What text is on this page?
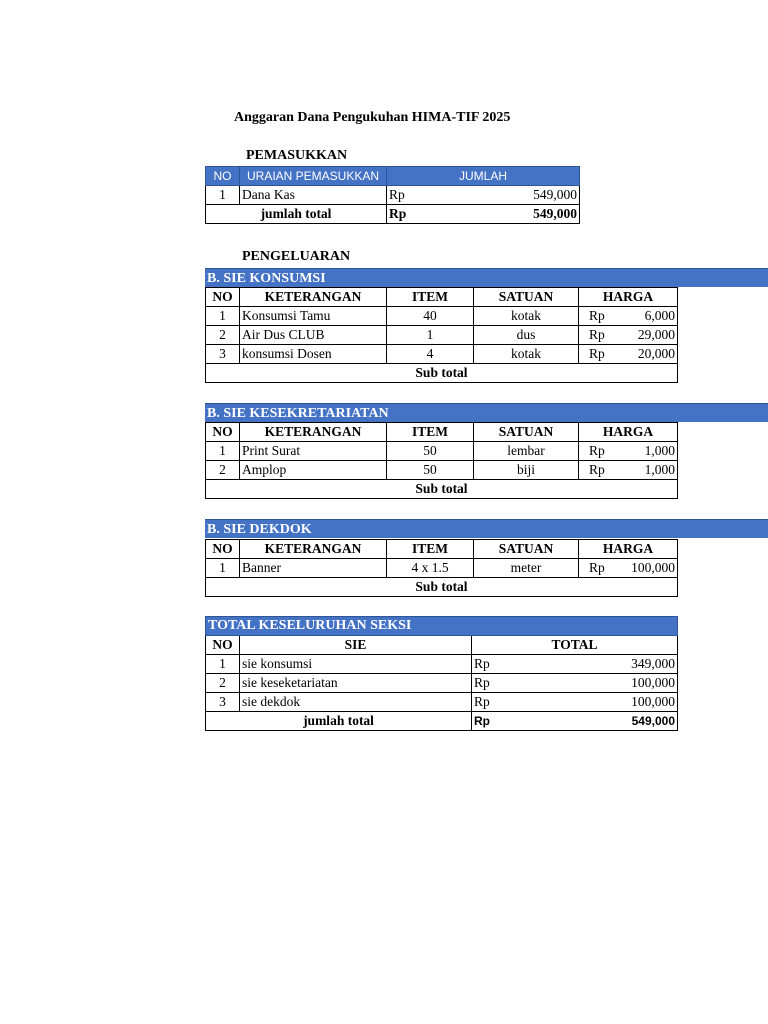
Anggaran Dana Pengukuhan HIMA-TIF 2025
PEMASUKKAN
NO	URAIAN PEMASUKKAN	JUMLAH
1	Dana Kas	Rp 549,000

jumlah total		Rp 549,000
PENGELUARAN
B. SIE KONSUMSI
NO	KETERANGAN	ITEM	SATUAN	HARGA
1	Konsumsi Tamu	40	kotak	Rp 6,000

2	Air Dus CLUB	1	dus	Rp 29,000

3	konsumsi Dosen	4	kotak	Rp 20,000

Sub total				
B. SIE KESEKRETARIATAN
NO	KETERANGAN	ITEM	SATUAN	HARGA
1	Print Surat	50	lembar	Rp 1,000

2	Amplop	50	biji	Rp 1,000

Sub total				
B. SIE DEKDOK
NO	KETERANGAN	ITEM	SATUAN	HARGA
1	Banner	4 x 1.5	meter	Rp 100,000

Sub total				
TOTAL KESELURUHAN SEKSI		
NO	SIE	TOTAL
1	sie konsumsi	Rp 349,000

2	sie keseketariatan	Rp 100,000

3	sie dekdok	Rp 100,000

jumlah total		Rp 549,000
